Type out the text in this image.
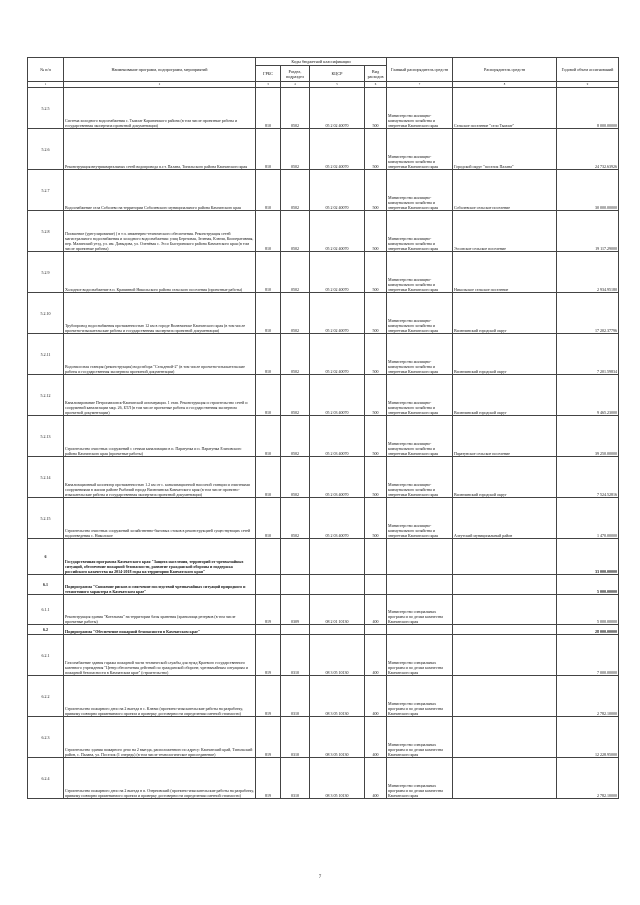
№ п/п	Наименование программ, подпрограмм, мероприятий	Коды бюджетной классификации				Главный распорядитель средств	Распорядитель средств	Годовой объем ассигнований
		ГРБС	Раздел, подраздел	КЦСР	Вид расходов			
1	2	3	4	5	6	7	8	9
5.2.5	Система холодного водоснабжения с. Тымлат Карагинского района (в том числе проектные работы и государственная экспертиза проектной документации)	810	0502	05 2 02 40070	500	Министерство жилищно-коммунального хозяйства и энергетики Камчатского края	Сельское поселение "село Тымлат"	8 000.00000
5.2.6	Реконструкция внутриквартальных сетей водопровода п.г.т. Палана, Тигильского района Камчатского края	810	0502	05 2 02 40070	500	Министерство жилищно-коммунального хозяйства и энергетики Камчатского края	Городской округ "поселок Палана"	24 732.63926
5.2.7	Водоснабжение села Соболево на территории Соболевского муниципального района Камчатского края	810	0502	05 2 02 40070	500	Министерство жилищно-коммунального хозяйства и энергетики Камчатского края	Соболевское сельское поселение	30 000.00000
5.2.8	Погашение (урегулирование) ( в т.ч. инженерно-технического обеспечения. Реконструкция сетей магистрального водоснабжения и холодного водоснабжения: улиц Березовая, Зеленая, Ключи, Кооперативная, пер. Малинский уезд, ул. им. Давыдова, ул. Оленёвая с. Эссо Быстринского района Камчатского края (в том числе проектные работы)	810	0502	05 2 02 40070	500	Министерство жилищно-коммунального хозяйства и энергетики Камчатского края	Эссовское сельское поселение	19 117.29000
5.2.9	Холодное водоснабжение в п. Крапивной Никольского района сельского поселения (проектные работы)	810	0502	05 2 02 40070	500	Министерство жилищно-коммунального хозяйства и энергетики Камчатского края	Никольское сельское поселение	2 934.95180
5.2.10	Трубопровод водоснабжения протяженностью 12 км в городе Вилючинске Камчатского края (в том числе проектно-изыскательские работы и государственная экспертиза проектной документации)	810	0502	05 2 02 40070	500	Министерство жилищно-коммунального хозяйства и энергетики Камчатского края	Вилючинский городской округ	17 202.37796
5.2.11	Водонасосная станция (реконструкция) водозабора "Сельдевой-2" (в том числе проектно-изыскательские работы и государственная экспертиза проектной документации)	810	0502	05 2 02 40070	500	Министерство жилищно-коммунального хозяйства и энергетики Камчатского края	Вилючинский городской округ	7 201.59834
5.2.12	Канализирование Петропавловск-Камчатской агломерации. 1 этап. Реконструкция и строительство сетей и сооружений канализации мкр. 26, БТЛ (в том числе проектные работы и государственная экспертиза проектной документации)	810	0502	05 2 03 40070	500	Министерство жилищно-коммунального хозяйства и энергетики Камчатского края	Вилючинский городской округ	9 465.23000
5.2.13	Строительство очистных сооружений с сетями канализации в п. Паратунка и п. Паратунка Елизовского района Камчатского края (проектные работы)	810	0502	05 2 03 40070	500	Министерство жилищно-коммунального хозяйства и энергетики Камчатского края	Паратунское сельское поселение	39 250.00000
5.2.14	Канализационный коллектор протяженностью 1.2 км от с. канализационной насосной станции и очистными сооружениями в жилом районе Рыбачий города Вилючинска Камчатского края (в том числе проектно-изыскательские работы и государственная экспертиза проектной документации)	810	0502	05 2 03 40070	500	Министерство жилищно-коммунального хозяйства и энергетики Камчатского края	Вилючинский городской округ	7 524.52816
5.2.15	Строительство очистных сооружений хозяйственно-бытовых стоков в реконструкцией существующих сетей водоотведения с. Николское	810	0502	05 2 03 40070	500	Министерство жилищно-коммунального хозяйства и энергетики Камчатского края	Алеутский муниципальный район	1 470.00000
6	Государственная программа Камчатского края "Защита населения, территорий от чрезвычайных ситуаций, обеспечение пожарной безопасности, развитие гражданской обороны и поддержка российского казачества на 2014-2018 годы на территории Камчатского края"							33 000.00000
6.1	Подпрограмма "Снижение рисков и смягчение последствий чрезвычайных ситуаций природного и техногенного характера в Камчатском крае"							5 000.00000
6.1.1	Реконструкция здания "Котельная" на территории базы хранения (хранилища резервов (в том числе проектные работы)	819	0309	08 2 01 10130	400	Министерство специальных программ и по делам казачества Камчатского края		5 000.00000
6.2	Подпрограмма "Обеспечение пожарной безопасности в Камчатском крае"							28 000.00000
6.2.1	Газоснабжение здания гаража пожарной части технической службы для нужд Краевого государственного казенного учреждения "Центр обеспечения действий по гражданской обороне, чрезвычайным ситуациям и пожарной безопасности в Камчатском крае" (строительство)	819	0310	08 3 05 10130	400	Министерство специальных программ и по делам казачества Камчатского края		7 000.00000
6.2.2	Строительство пожарного депо на 2 выезда в с. Ключи (проектно-изыскательские работы на разработку, привязку повторно применяемого проекта и проверку достоверности определения сметной стоимости)	819	0310	08 3 05 10130	400	Министерство специальных программ и по делам казачества Камчатского края		2 782.10000
6.2.3	Строительство здания пожарного депо на 2 выезда, расположенного по адресу: Камчатский край, Тигильский район, с. Палана, ул. Поселок (1 очередь) (в том числе технологическое присоединение)	819	0310	08 3 05 10130	400	Министерство специальных программ и по делам казачества Камчатского края		12 228.95000
6.2.4	Строительство пожарного депо на 2 выезда в п. Озерновский (проектно-изыскательские работы на разработку, привязку повторно применяемого проекта и проверку достоверности определения сметной стоимости)	819	0310	08 3 05 10130	400	Министерство специальных программ и по делам казачества Камчатского края		2 782.10000
7
